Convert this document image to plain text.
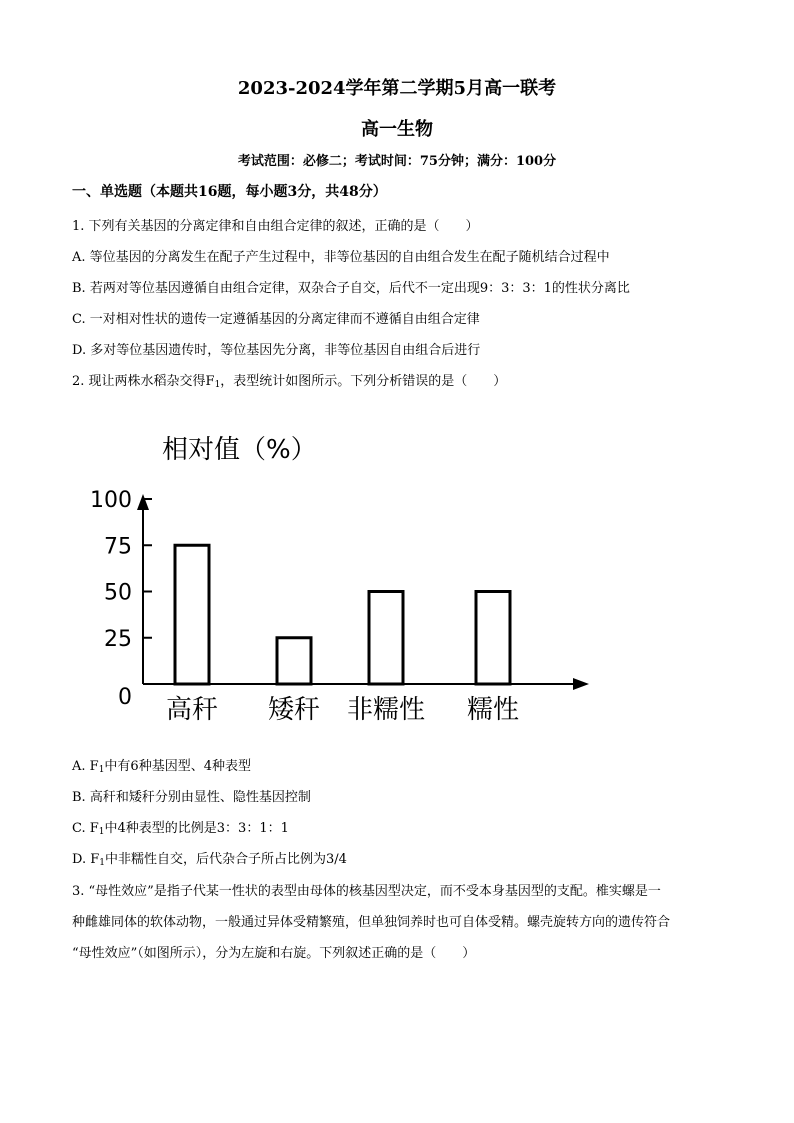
2023-2024学年第二学期5月高一联考
高一生物
考试范围：必修二；考试时间：75分钟；满分：100分
一、单选题（本题共16题，每小题3分，共48分）
1. 下列有关基因的分离定律和自由组合定律的叙述，正确的是（　　）
A. 等位基因的分离发生在配子产生过程中，非等位基因的自由组合发生在配子随机结合过程中
B. 若两对等位基因遵循自由组合定律，双杂合子自交，后代不一定出现9：3：3：1的性状分离比
C. 一对相对性状的遗传一定遵循基因的分离定律而不遵循自由组合定律
D. 多对等位基因遗传时，等位基因先分离，非等位基因自由组合后进行
2. 现让两株水稻杂交得$F_1$，表型统计如图所示。下列分析错误的是（　　）
相对值（%）
0
25
50
75
100
高秆 矮秆 非糯性 糯性
A. $F_1$中有6种基因型、4种表型
B. 高秆和矮秆分别由显性、隐性基因控制
C. $F_1$中4种表型的比例是3：3：1：1
D. $F_1$中非糯性自交，后代杂合子所占比例为3/4
3. “母性效应”是指子代某一性状的表型由母体的核基因型决定，而不受本身基因型的支配。椎实螺是一
种雌雄同体的软体动物，一般通过异体受精繁殖，但单独饲养时也可自体受精。螺壳旋转方向的遗传符合
“母性效应”（如图所示），分为左旋和右旋。下列叙述正确的是（　　）
